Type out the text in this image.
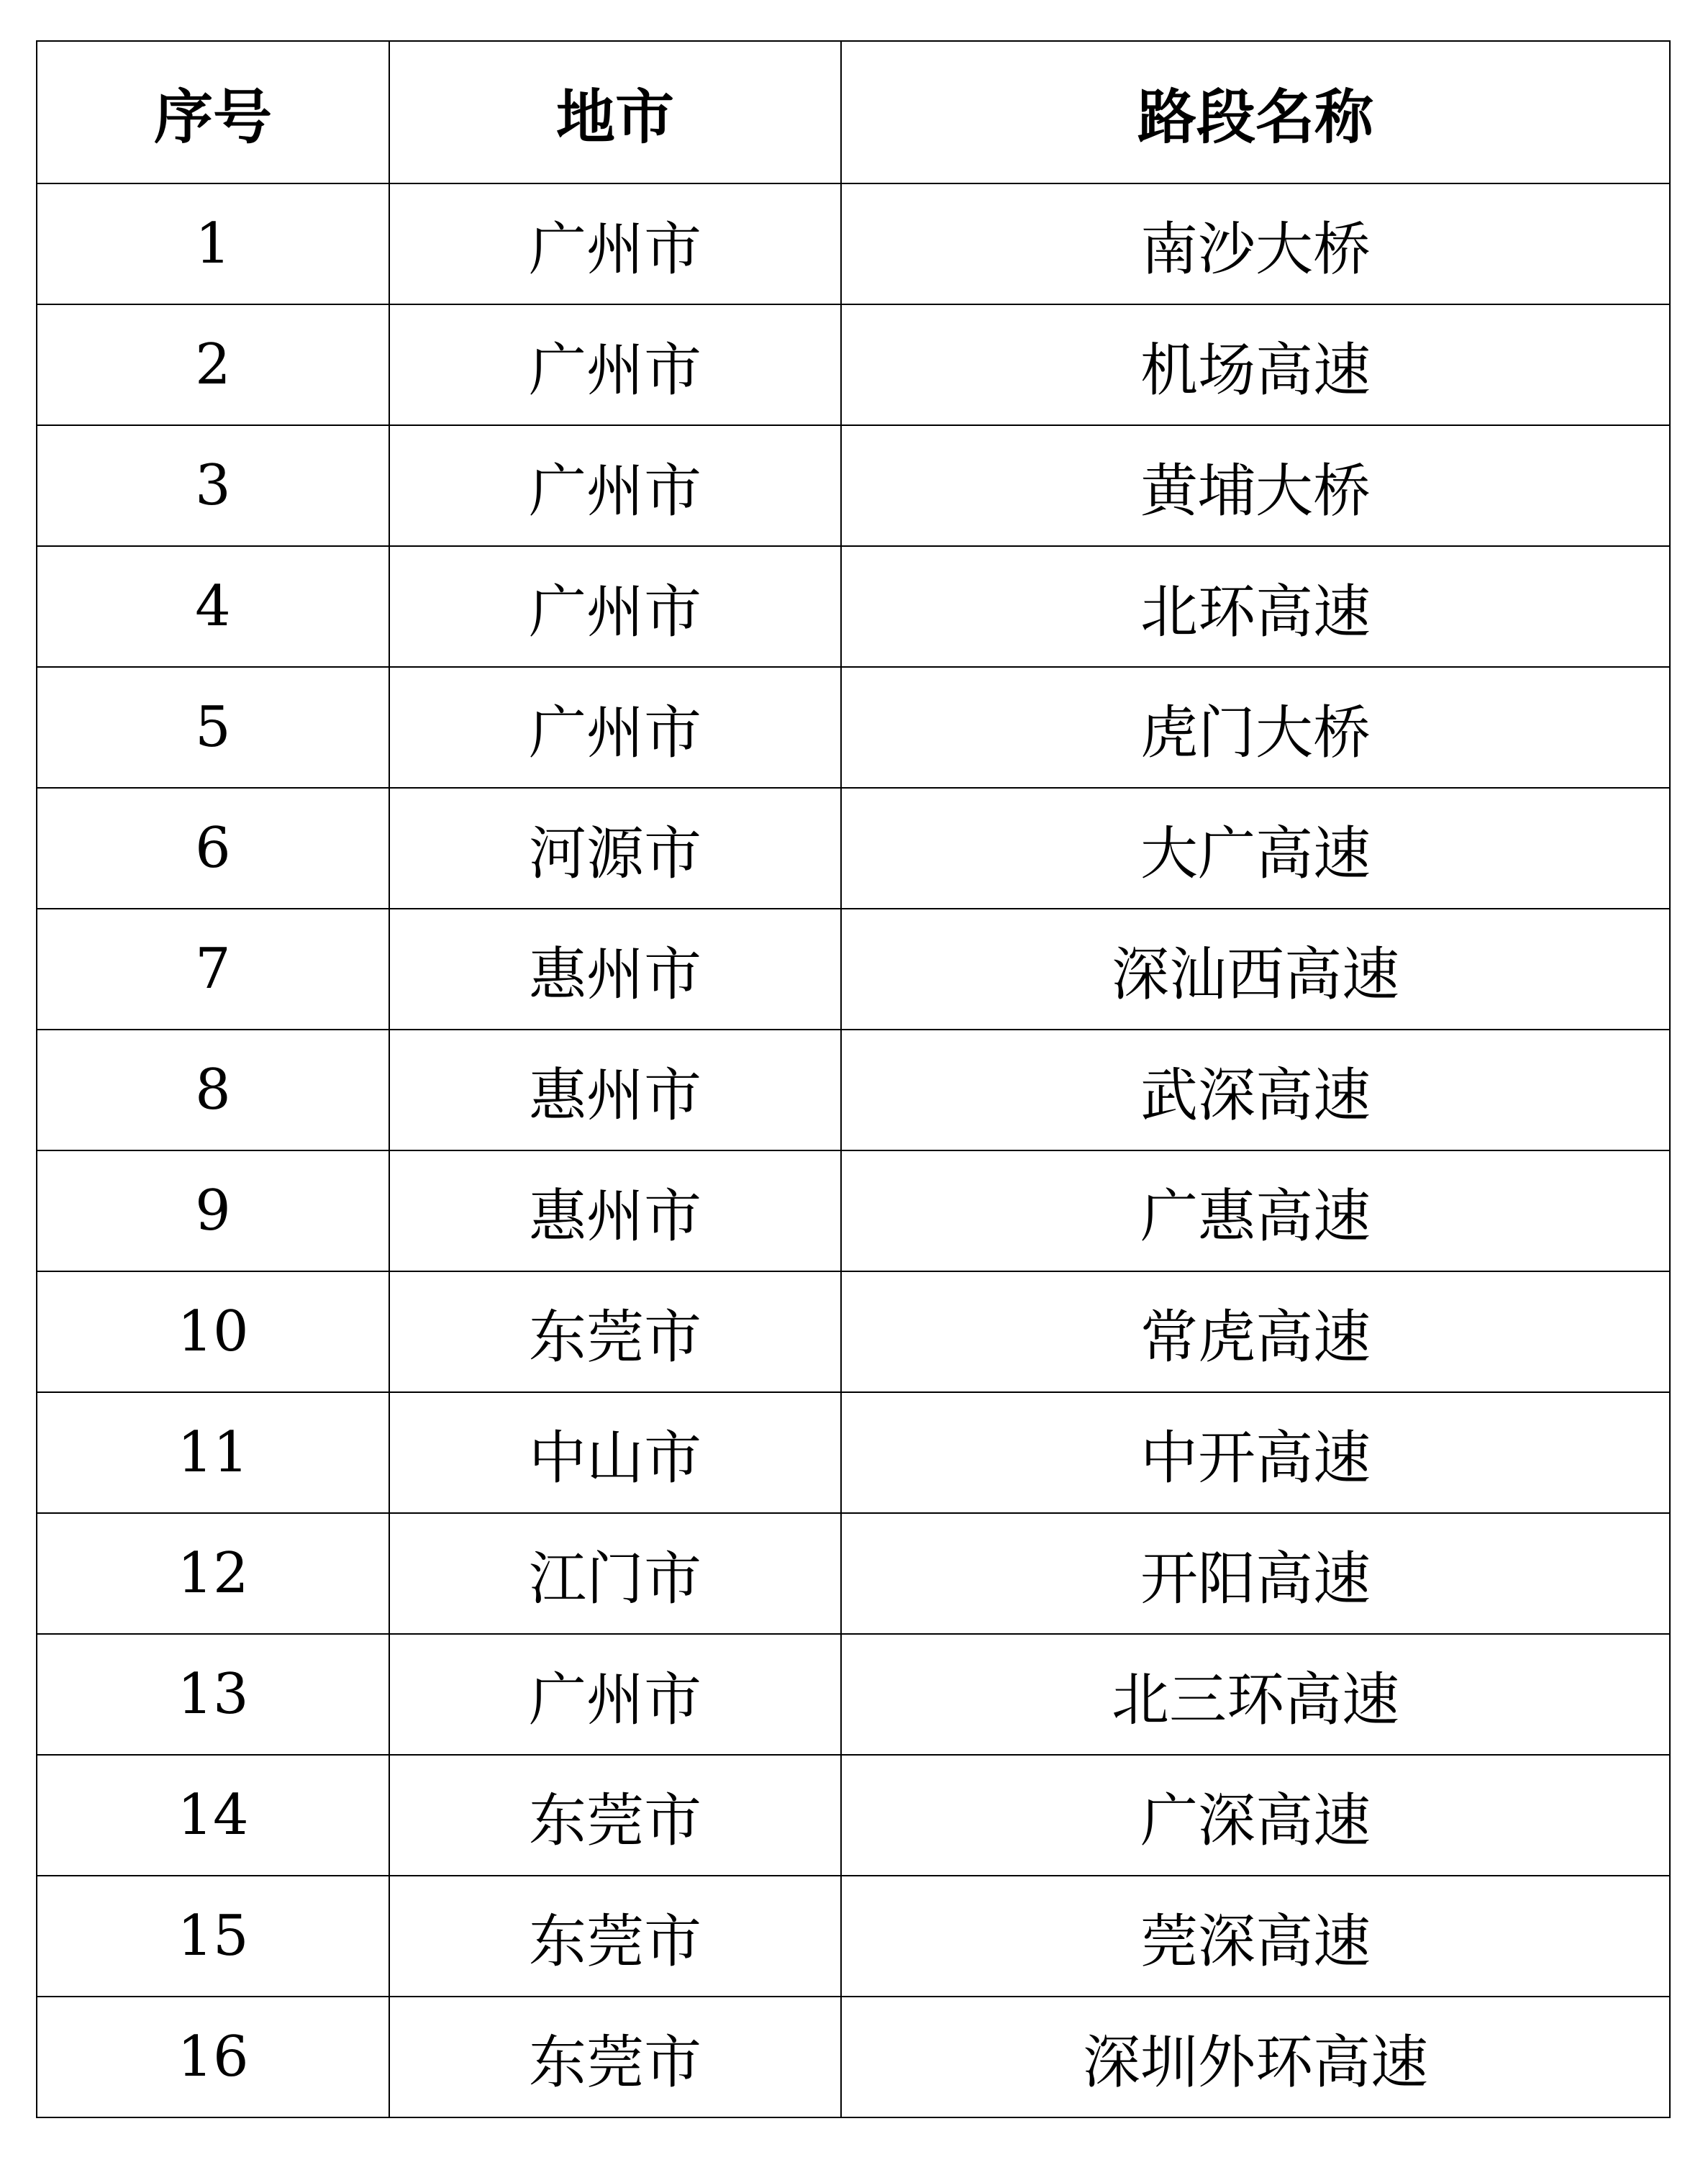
序号	地市	路段名称
1	广州市	南沙大桥
2	广州市	机场高速
3	广州市	黄埔大桥
4	广州市	北环高速
5	广州市	虎门大桥
6	河源市	大广高速
7	惠州市	深汕西高速
8	惠州市	武深高速
9	惠州市	广惠高速
10	东莞市	常虎高速
11	中山市	中开高速
12	江门市	开阳高速
13	广州市	北三环高速
14	东莞市	广深高速
15	东莞市	莞深高速
16	东莞市	深圳外环高速
